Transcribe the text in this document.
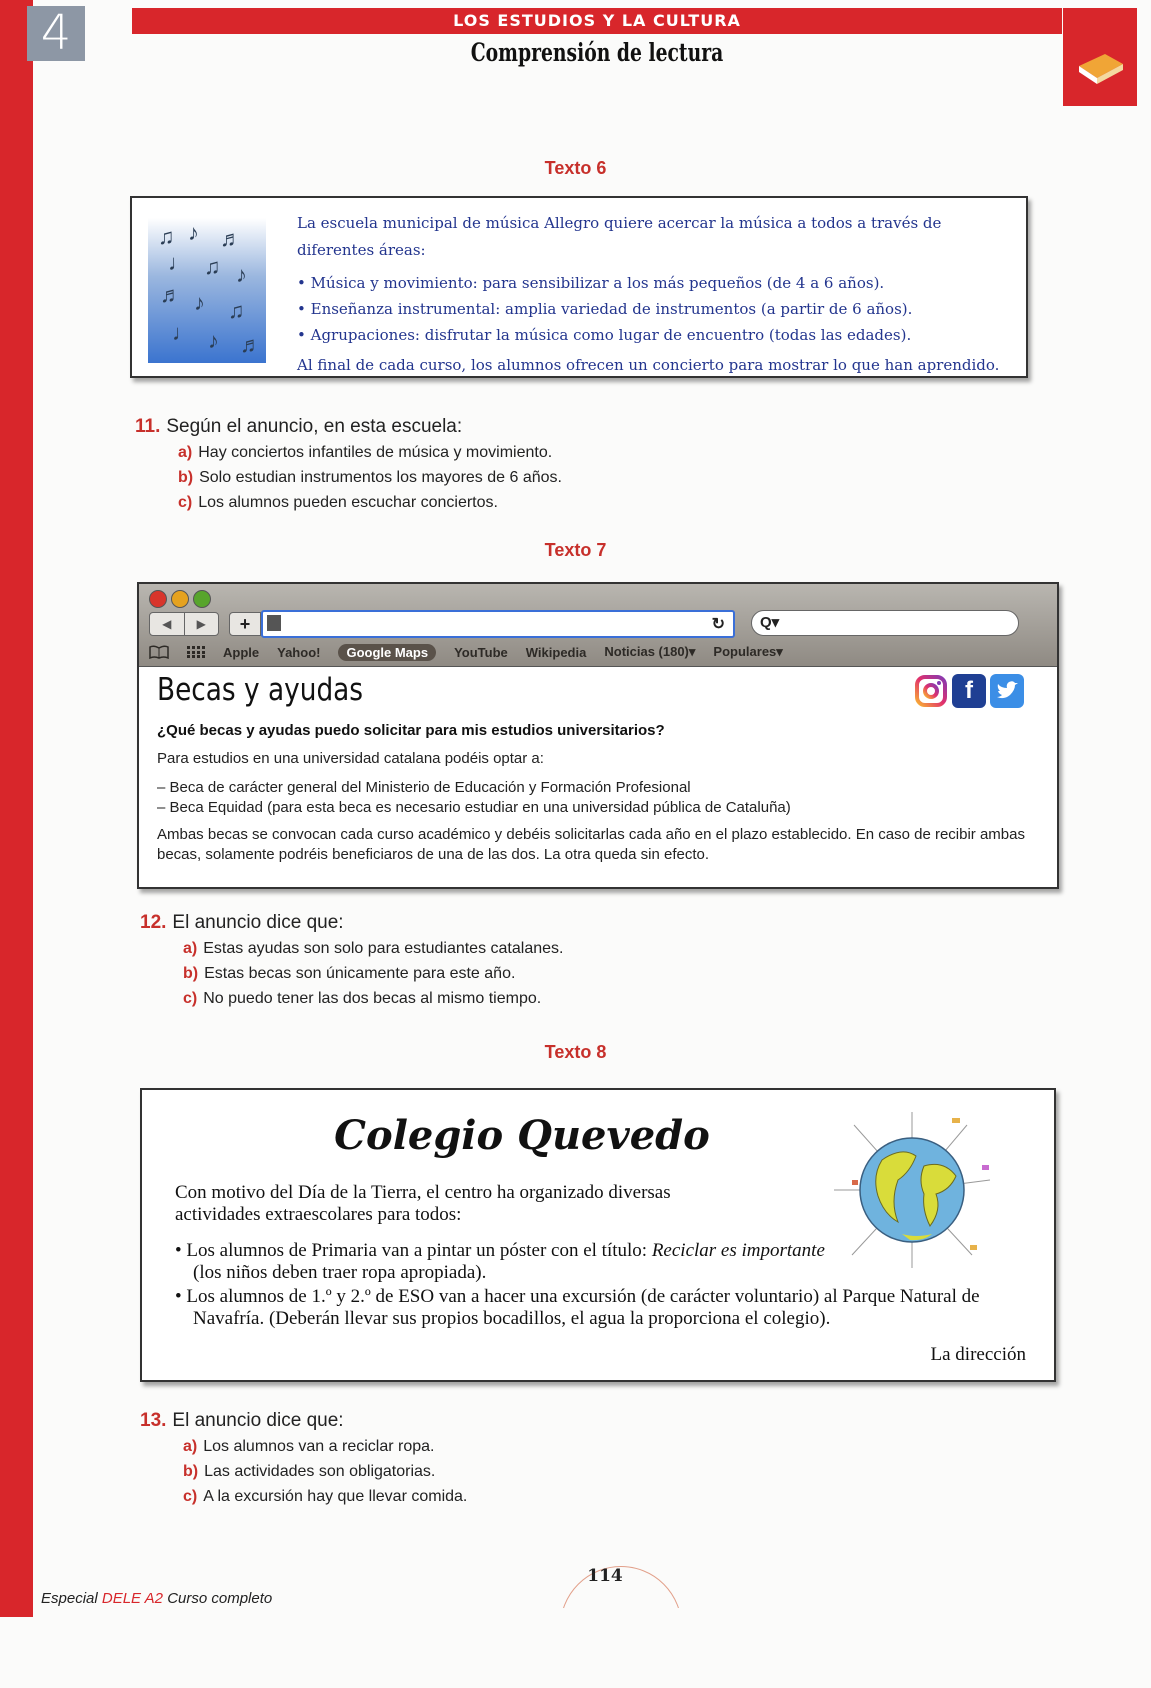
4	LOS ESTUDIOS Y LA CULTURA
Comprensión de lectura
Texto 6
♫ ♪ ♬
♩ ♫ ♪
♬ ♪ ♫
♩ ♪ ♬

La escuela municipal de música Allegro quiere acercar la música a todos a través de diferentes áreas:

• Música y movimiento: para sensibilizar a los más pequeños (de 4 a 6 años).
• Enseñanza instrumental: amplia variedad de instrumentos (a partir de 6 años).
• Agrupaciones: disfrutar la música como lugar de encuentro (todas las edades).

Al final de cada curso, los alumnos ofrecen un concierto para mostrar lo que han aprendido.

11. Según el anuncio, en esta escuela:
a) Hay conciertos infantiles de música y movimiento.
b) Solo estudian instrumentos los mayores de 6 años.
c) Los alumnos pueden escuchar conciertos.
Texto 7
◀	▶	+	↻ Q▾
Apple Yahoo!	Google Maps	YouTube Wikipedia Noticias (180)▾ Populares▾
Becas y ayudas	f
¿Qué becas y ayudas puedo solicitar para mis estudios universitarios?
Para estudios en una universidad catalana podéis optar a:
– Beca de carácter general del Ministerio de Educación y Formación Profesional
– Beca Equidad (para esta beca es necesario estudiar en una universidad pública de Cataluña)
Ambas becas se convocan cada curso académico y debéis solicitarlas cada año en el plazo establecido. En caso de recibir ambas becas, solamente podréis beneficiaros de una de las dos. La otra queda sin efecto.
12. El anuncio dice que:
a) Estas ayudas son solo para estudiantes catalanes.
b) Estas becas son únicamente para este año.
c) No puedo tener las dos becas al mismo tiempo.
Texto 8
Colegio Quevedo
Con motivo del Día de la Tierra, el centro ha organizado diversas actividades extraescolares para todos:
• Los alumnos de Primaria van a pintar un póster con el título: Reciclar es importante (los niños deben traer ropa apropiada).
• Los alumnos de 1.º y 2.º de ESO van a hacer una excursión (de carácter voluntario) al Parque Natural de Navafría. (Deberán llevar sus propios bocadillos, el agua la proporciona el colegio).
La dirección
13. El anuncio dice que:
a) Los alumnos van a reciclar ropa.
b) Las actividades son obligatorias.
c) A la excursión hay que llevar comida.
114
Especial DELE A2 Curso completo
